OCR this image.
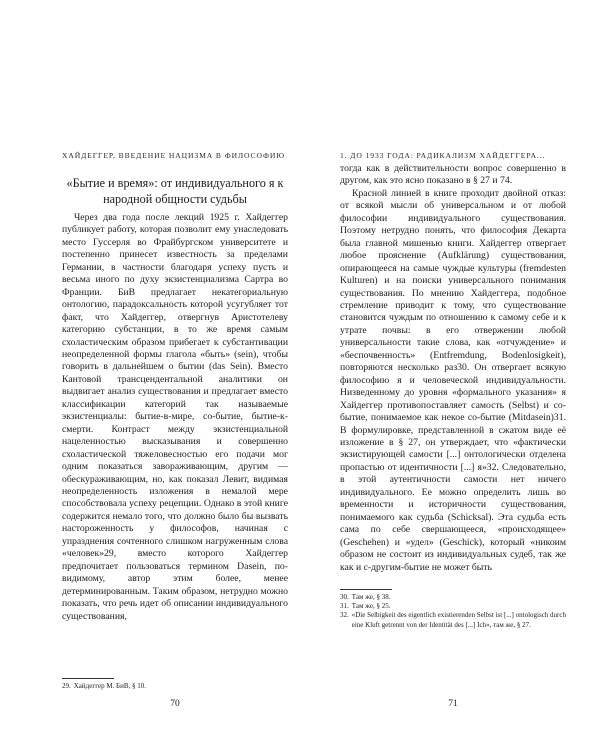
ХАЙДЕГГЕР, ВВЕДЕНИЕ НАЦИЗМА В ФИЛОСОФИЮ
«Бытие и время»: от индивидуального я к народной общности судьбы

Через два года после лекций 1925 г. Хайдеггер публикует работу, которая позволит ему унаследовать место Гуссерля во Фрайбургском университете и постепенно принесет известность за пределами Германии, в частности благодаря успеху пусть и весьма иного по духу экзистенциализма Сартра во Франции. БиВ предлагает некатегориальную онтологию, парадоксальность которой усугубляет тот факт, что Хайдеггер, отвергнув Аристотелеву категорию субстанции, в то же время самым схоластическим образом прибегает к субстантивации неопределенной формы глагола «быть» (sein), чтобы говорить в дальнейшем о бытии (das Sein). Вместо Кантовой трансцендентальной аналитики он выдвигает анализ существования и предлагает вместо классификации категорий так называемые экзистенциалы: бытие-в-мире, со-бытие, бытие-к-смерти. Контраст между экзистенциальной нацеленностью высказывания и совершенно схоластической тяжеловесностью его подачи мог одним показаться завораживающим, другим — обескураживающим, но, как показал Левит, видимая неопределенность изложения в немалой мере способствовала успеху рецепции. Однако в этой книге содержится немало того, что должно было бы вызвать настороженность у философов, начиная с упразднения сочтенного слишком нагруженным слова «человек»29, вместо которого Хайдеггер предпочитает пользоваться термином Dasein, по-видимому, автор этим более, менее детерминированным. Таким образом, нетрудно можно показать, что речь идет об описании индивидуального существования,

29. Хайдеггер М. БиВ, § 10.
70
1. ДО 1933 ГОДА: РАДИКАЛИЗМ ХАЙДЕГГЕРА...

тогда как в действительности вопрос совершенно в другом, как это ясно показано в § 27 и 74.

Красной линией в книге проходит двойной отказ: от всякой мысли об универсальном и от любой философии индивидуального существования. Поэтому нетрудно понять, что философия Декарта была главной мишенью книги. Хайдеггер отвергает любое прояснение (Aufklärung) существования, опирающееся на самые чуждые культуры (fremdesten Kulturen) и на поиски универсального понимания существования. По мнению Хайдеггера, подобное стремление приводит к тому, что существование становится чуждым по отношению к самому себе и к утрате почвы: в его отвержении любой универсальности такие слова, как «отчуждение» и «беспочвенность» (Entfremdung, Bodenlosigkeit), повторяются несколько раз30. Он отвергает всякую философию я и человеческой индивидуальности. Низведенному до уровня «формального указания» я Хайдеггер противопоставляет самость (Selbst) и со-бытие, понимаемое как некое со-бытие (Mitdasein)31. В формулировке, представленной в сжатом виде её изложение в § 27, он утверждает, что «фактически экзистирующей самости [...] онтологически отделена пропастью от идентичности [...] я»32. Следовательно, в этой аутентичности самости нет ничего индивидуального. Ее можно определить лишь во временности и историчности существования, понимаемого как судьба (Schicksal). Эта судьба есть сама по себе свершающееся, «происходящее» (Geschehen) и «удел» (Geschick), который «никоим образом не состоит из индивидуальных судеб, так же как и с-другим-бытие не может быть

30. Там же, § 38.
31. Там же, § 25.
32. «Die Selbigkeit des eigentlich existierenden Selbst ist [...] ontologisch durch eine Kluft getrennt von der Identität des [...] Ich», там же, § 27.
71
